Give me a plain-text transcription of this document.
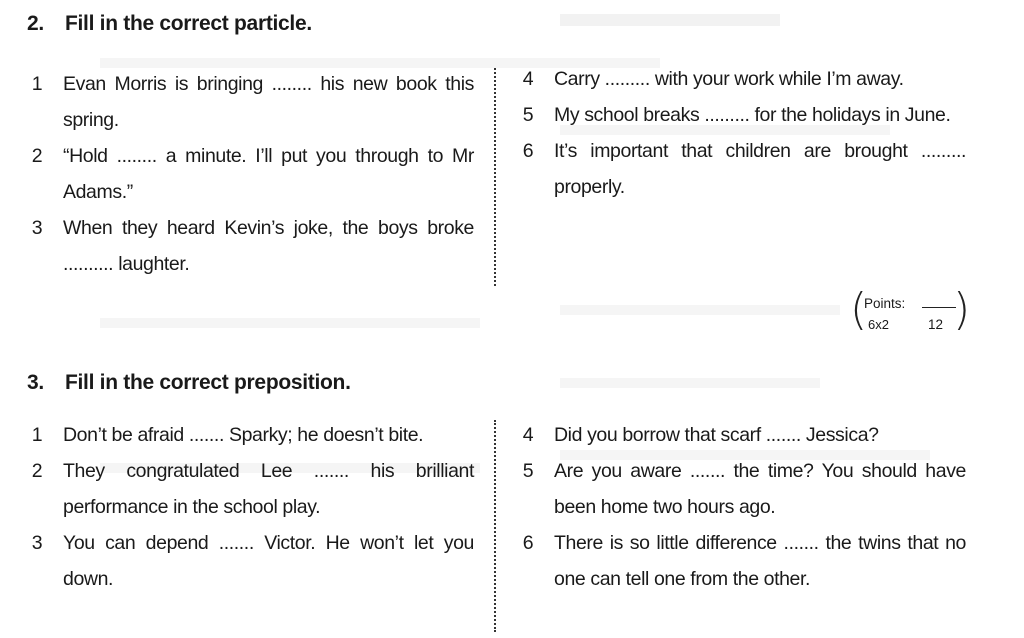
2. Fill in the correct particle.
1 Evan Morris is bringing ........ his new book this spring.
2 “Hold ........ a minute. I’ll put you through to Mr Adams.”
3 When they heard Kevin’s joke, the boys broke .......... laughter.
4 Carry ......... with your work while I’m away.
5 My school breaks ......... for the holidays in June.
6 It’s important that children are brought ......... properly.
(
Points:
6x2	12 )
3. Fill in the correct preposition.
1 Don’t be afraid ....... Sparky; he doesn’t bite.
2 They congratulated Lee ....... his brilliant performance in the school play.
3 You can depend ....... Victor. He won’t let you down.
4 Did you borrow that scarf ....... Jessica?
5 Are you aware ....... the time? You should have been home two hours ago.
6 There is so little difference ....... the twins that no one can tell one from the other.
